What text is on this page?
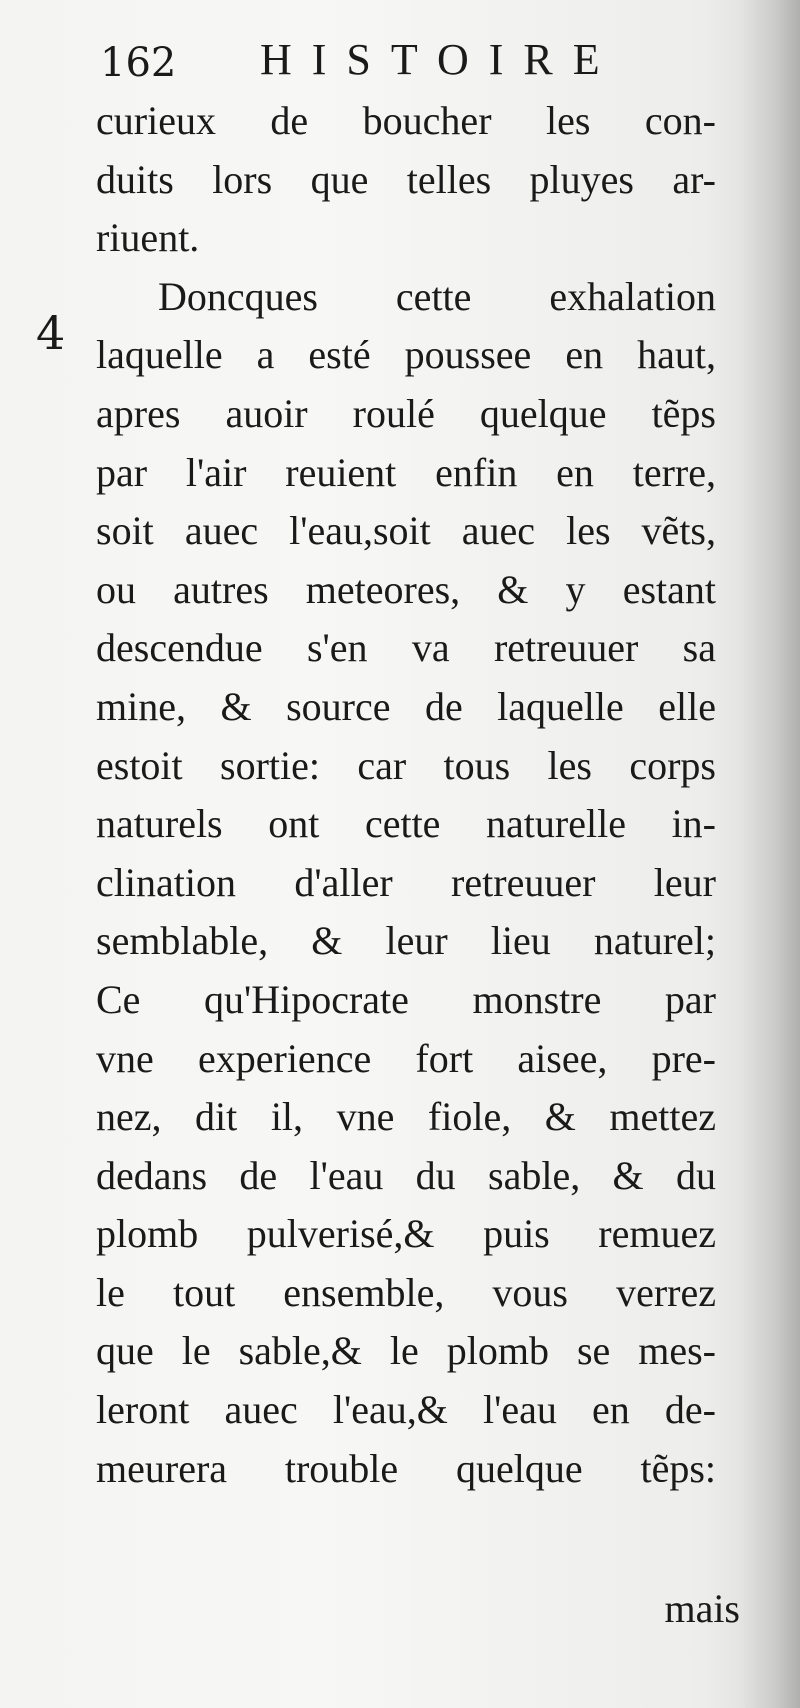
162 HISTOIRE
4
curieux de boucher les con-
duits lors que telles pluyes ar-
riuent.
Doncques cette exhalation
laquelle a esté poussee en haut,
apres auoir roulé quelque tẽps
par l'air reuient enfin en terre,
soit auec l'eau,soit auec les vẽts,
ou autres meteores, & y estant
descendue s'en va retreuuer sa
mine, & source de laquelle elle
estoit sortie: car tous les corps
naturels ont cette naturelle in-
clination d'aller retreuuer leur
semblable, & leur lieu naturel;
Ce qu'Hipocrate monstre par
vne experience fort aisee, pre-
nez, dit il, vne fiole, & mettez
dedans de l'eau du sable, & du
plomb pulverisé,& puis remuez
le tout ensemble, vous verrez
que le sable,& le plomb se mes-
leront auec l'eau,& l'eau en de-
meurera trouble quelque tẽps:
mais
